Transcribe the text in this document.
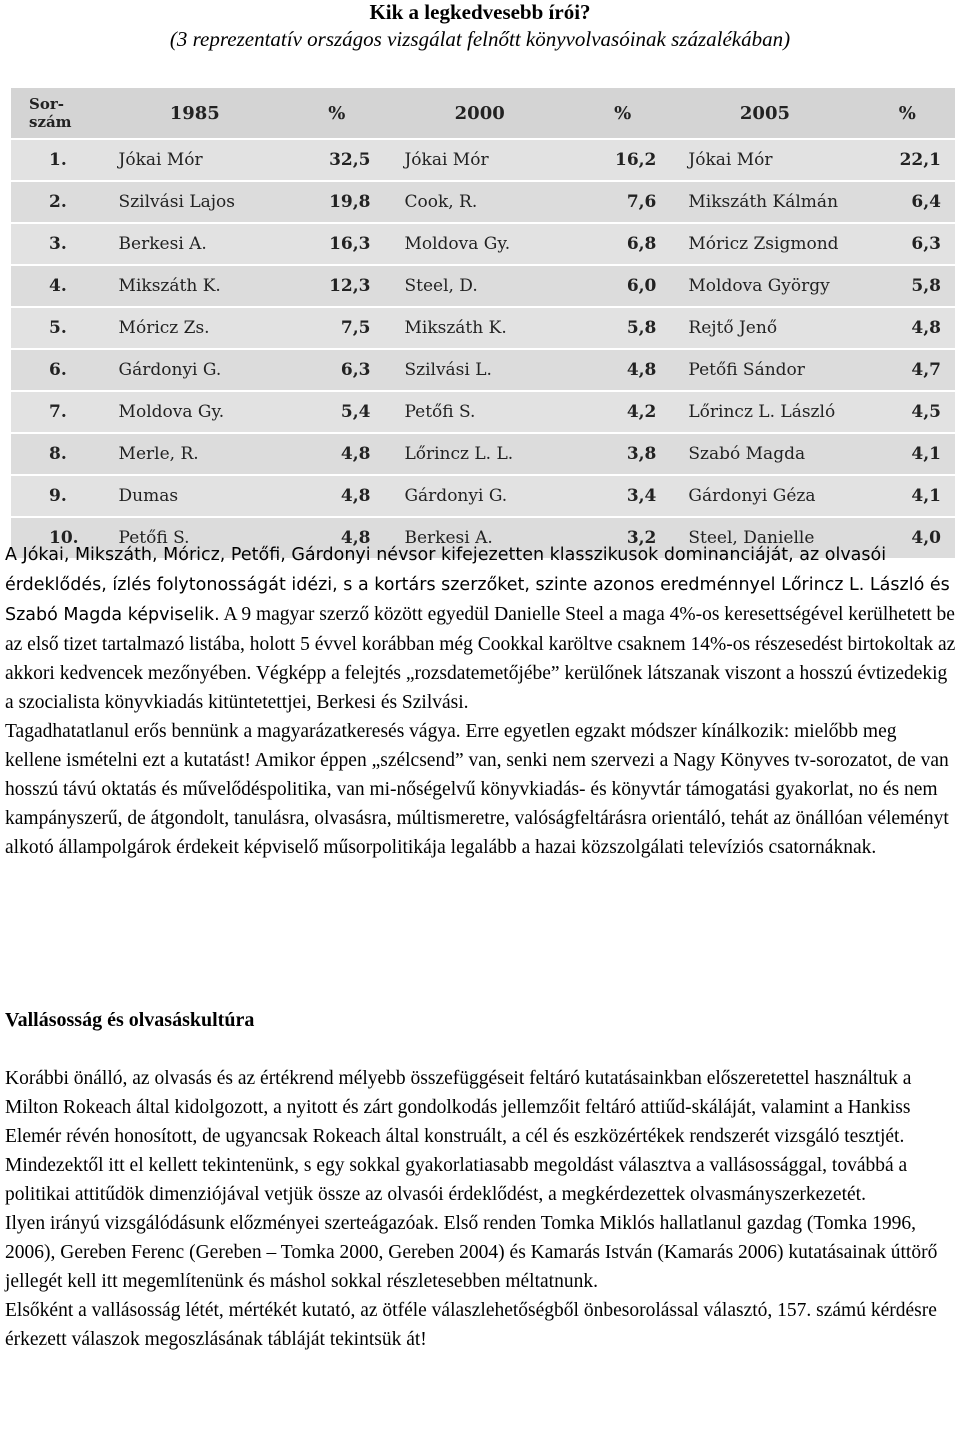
Kik a legkedvesebb írói?
(3 reprezentatív országos vizsgálat felnőtt könyvolvasóinak százalékában)
Sor-
szám	1985	%	2000	%	2005	%
1.	Jókai Mór	32,5	Jókai Mór	16,2	Jókai Mór	22,1
2.	Szilvási Lajos	19,8	Cook, R.	7,6	Mikszáth Kálmán	6,4
3.	Berkesi A.	16,3	Moldova Gy.	6,8	Móricz Zsigmond	6,3
4.	Mikszáth K.	12,3	Steel, D.	6,0	Moldova György	5,8
5.	Móricz Zs.	7,5	Mikszáth K.	5,8	Rejtő Jenő	4,8
6.	Gárdonyi G.	6,3	Szilvási L.	4,8	Petőfi Sándor	4,7
7.	Moldova Gy.	5,4	Petőfi S.	4,2	Lőrincz L. László	4,5
8.	Merle, R.	4,8	Lőrincz L. L.	3,8	Szabó Magda	4,1
9.	Dumas	4,8	Gárdonyi G.	3,4	Gárdonyi Géza	4,1
10.	Petőfi S.	4,8	Berkesi A.	3,2	Steel, Danielle	4,0

A Jókai, Mikszáth, Móricz, Petőfi, Gárdonyi névsor kifejezetten klasszikusok dominanciáját, az olvasói érdeklődés, ízlés folytonosságát idézi, s a kortárs szerzőket, szinte azonos eredménnyel Lőrincz L. László és Szabó Magda képviselik. A 9 magyar szerző között egyedül Danielle Steel a maga 4%-os keresettségével kerülhetett be az első tizet tartalmazó listába, holott 5 évvel korábban még Cookkal karöltve csaknem 14%-os részesedést birtokoltak az akkori kedvencek mezőnyében. Végképp a felejtés „rozsdatemetőjébe” kerülőnek látszanak viszont a hosszú évtizedekig a szocialista könyvkiadás kitüntetettjei, Berkesi és Szilvási.

Tagadhatatlanul erős bennünk a magyarázatkeresés vágya. Erre egyetlen egzakt módszer kínálkozik: mielőbb meg kellene ismételni ezt a kutatást! Amikor éppen „szélcsend” van, senki nem szervezi a Nagy Könyves tv-sorozatot, de van hosszú távú oktatás és művelődéspolitika, van mi-nőségelvű könyvkiadás- és könyvtár támogatási gyakorlat, no és nem kampányszerű, de átgondolt, tanulásra, olvasásra, múltismeretre, valóságfeltárásra orientáló, tehát az önállóan véleményt alkotó állampolgárok érdekeit képviselő műsorpolitikája legalább a hazai közszolgálati televíziós csatornáknak.

Vallásosság és olvasáskultúra

Korábbi önálló, az olvasás és az értékrend mélyebb összefüggéseit feltáró kutatásainkban előszeretettel használtuk a Milton Rokeach által kidolgozott, a nyitott és zárt gondolkodás jellemzőit feltáró attiűd-skáláját, valamint a Hankiss Elemér révén honosított, de ugyancsak Rokeach által konstruált, a cél és eszközértékek rendszerét vizsgáló tesztjét. Mindezektől itt el kellett tekintenünk, s egy sokkal gyakorlatiasabb megoldást választva a vallásossággal, továbbá a politikai attitűdök dimenziójával vetjük össze az olvasói érdeklődést, a megkérdezettek olvasmányszerkezetét.

Ilyen irányú vizsgálódásunk előzményei szerteágazóak. Első renden Tomka Miklós hallatlanul gazdag (Tomka 1996, 2006), Gereben Ferenc (Gereben – Tomka 2000, Gereben 2004) és Kamarás István (Kamarás 2006) kutatásainak úttörő jellegét kell itt megemlítenünk és máshol sokkal részletesebben méltatnunk.

Elsőként a vallásosság létét, mértékét kutató, az ötféle válaszlehetőségből önbesorolással választó, 157. számú kérdésre érkezett válaszok megoszlásának tábláját tekintsük át!
